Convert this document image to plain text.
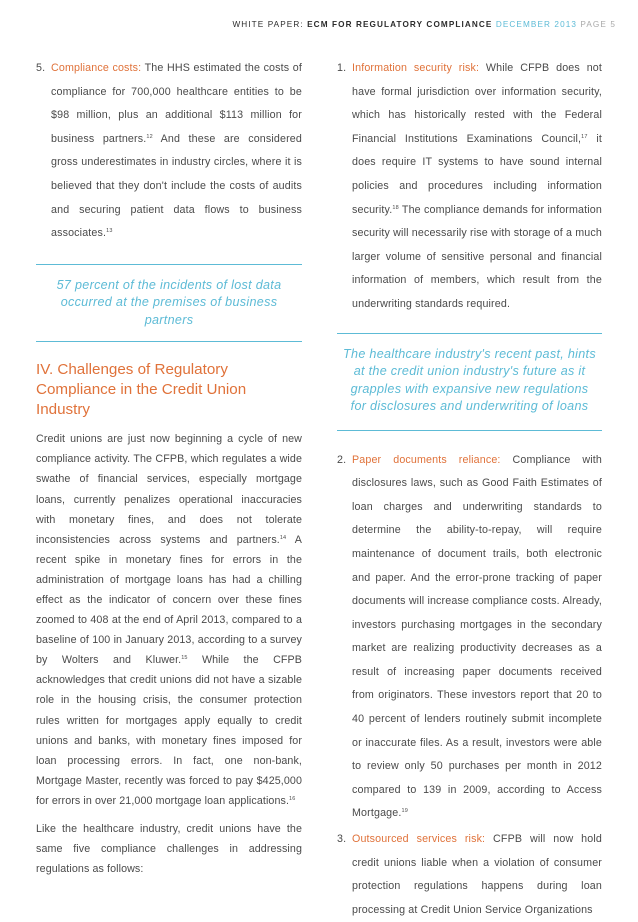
WHITE PAPER: ECM FOR REGULATORY COMPLIANCE DECEMBER 2013 PAGE 5
5. Compliance costs: The HHS estimated the costs of compliance for 700,000 healthcare entities to be $98 million, plus an additional $113 million for business partners.$^{12}$ And these are considered gross underestimates in industry circles, where it is believed that they don't include the costs of audits and securing patient data flows to business associates.$^{13}$
57 percent of the incidents of lost data occurred at the premises of business partners
IV. Challenges of Regulatory Compliance in the Credit Union Industry

Credit unions are just now beginning a cycle of new compliance activity. The CFPB, which regulates a wide swathe of financial services, especially mortgage loans, currently penalizes operational inaccuracies with monetary fines, and does not tolerate inconsistencies across systems and partners.$^{14}$ A recent spike in monetary fines for errors in the administration of mortgage loans has had a chilling effect as the indicator of concern over these fines zoomed to 408 at the end of April 2013, compared to a baseline of 100 in January 2013, according to a survey by Wolters and Kluwer.$^{15}$ While the CFPB acknowledges that credit unions did not have a sizable role in the housing crisis, the consumer protection rules written for mortgages apply equally to credit unions and banks, with monetary fines imposed for loan processing errors. In fact, one non-bank, Mortgage Master, recently was forced to pay $425,000 for errors in over 21,000 mortgage loan applications.$^{16}$

Like the healthcare industry, credit unions have the same five compliance challenges in addressing regulations as follows:

1. Information security risk: While CFPB does not have formal jurisdiction over information security, which has historically rested with the Federal Financial Institutions Examinations Council,$^{17}$ it does require IT systems to have sound internal policies and procedures including information security.$^{18}$ The compliance demands for information security will necessarily rise with storage of a much larger volume of sensitive personal and financial information of members, which result from the underwriting standards required.
The healthcare industry's recent past, hints at the credit union industry's future as it grapples with expansive new regulations for disclosures and underwriting of loans
2. Paper documents reliance: Compliance with disclosures laws, such as Good Faith Estimates of loan charges and underwriting standards to determine the ability-to-repay, will require maintenance of document trails, both electronic and paper. And the error-prone tracking of paper documents will increase compliance costs. Already, investors purchasing mortgages in the secondary market are realizing productivity decreases as a result of increasing paper documents received from originators. These investors report that 20 to 40 percent of lenders routinely submit incomplete or inaccurate files. As a result, investors were able to review only 50 purchases per month in 2012 compared to 139 in 2009, according to Access Mortgage.$^{19}$
3. Outsourced services risk: CFPB will now hold credit unions liable when a violation of consumer protection regulations happens during loan processing at Credit Union Service Organizations
